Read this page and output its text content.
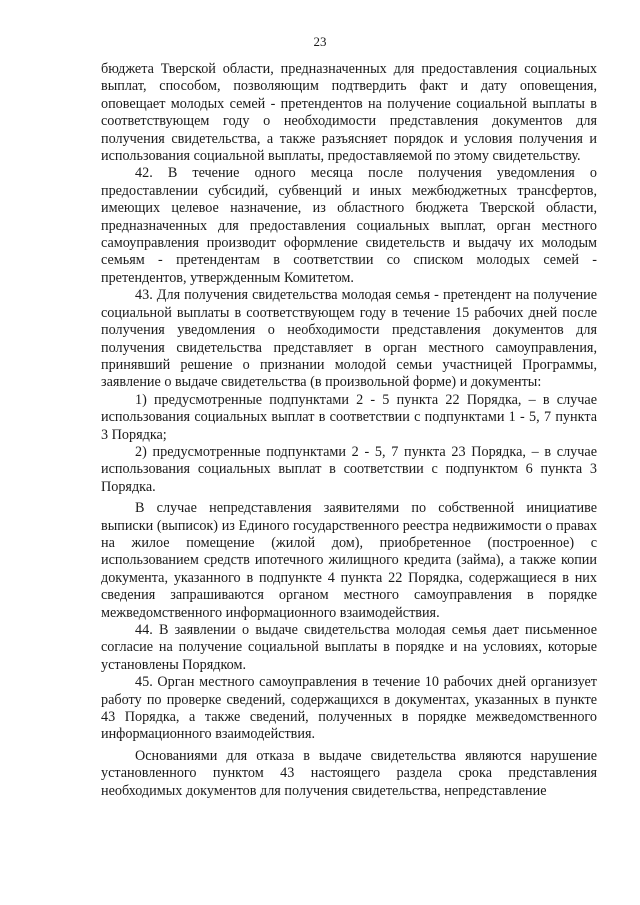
23

бюджета Тверской области, предназначенных для предоставления социальных выплат, способом, позволяющим подтвердить факт и дату оповещения, оповещает молодых семей - претендентов на получение социальной выплаты в соответствующем году о необходимости представления документов для получения свидетельства, а также разъясняет порядок и условия получения и использования социальной выплаты, предоставляемой по этому свидетельству.

42. В течение одного месяца после получения уведомления о предоставлении субсидий, субвенций и иных межбюджетных трансфертов, имеющих целевое назначение, из областного бюджета Тверской области, предназначенных для предоставления социальных выплат, орган местного самоуправления производит оформление свидетельств и выдачу их молодым семьям - претендентам в соответствии со списком молодых семей - претендентов, утвержденным Комитетом.

43. Для получения свидетельства молодая семья - претендент на получение социальной выплаты в соответствующем году в течение 15 рабочих дней после получения уведомления о необходимости представления документов для получения свидетельства представляет в орган местного самоуправления, принявший решение о признании молодой семьи участницей Программы, заявление о выдаче свидетельства (в произвольной форме) и документы:

1) предусмотренные подпунктами 2 - 5 пункта 22 Порядка, – в случае использования социальных выплат в соответствии с подпунктами 1 - 5, 7 пункта 3 Порядка;

2) предусмотренные подпунктами 2 - 5, 7 пункта 23 Порядка, – в случае использования социальных выплат в соответствии с подпунктом 6 пункта 3 Порядка.

В случае непредставления заявителями по собственной инициативе выписки (выписок) из Единого государственного реестра недвижимости о правах на жилое помещение (жилой дом), приобретенное (построенное) с использованием средств ипотечного жилищного кредита (займа), а также копии документа, указанного в подпункте 4 пункта 22 Порядка, содержащиеся в них сведения запрашиваются органом местного самоуправления в порядке межведомственного информационного взаимодействия.

44. В заявлении о выдаче свидетельства молодая семья дает письменное согласие на получение социальной выплаты в порядке и на условиях, которые установлены Порядком.

45. Орган местного самоуправления в течение 10 рабочих дней организует работу по проверке сведений, содержащихся в документах, указанных в пункте 43 Порядка, а также сведений, полученных в порядке межведомственного информационного взаимодействия.

Основаниями для отказа в выдаче свидетельства являются нарушение установленного пунктом 43 настоящего раздела срока представления необходимых документов для получения свидетельства, непредставление
